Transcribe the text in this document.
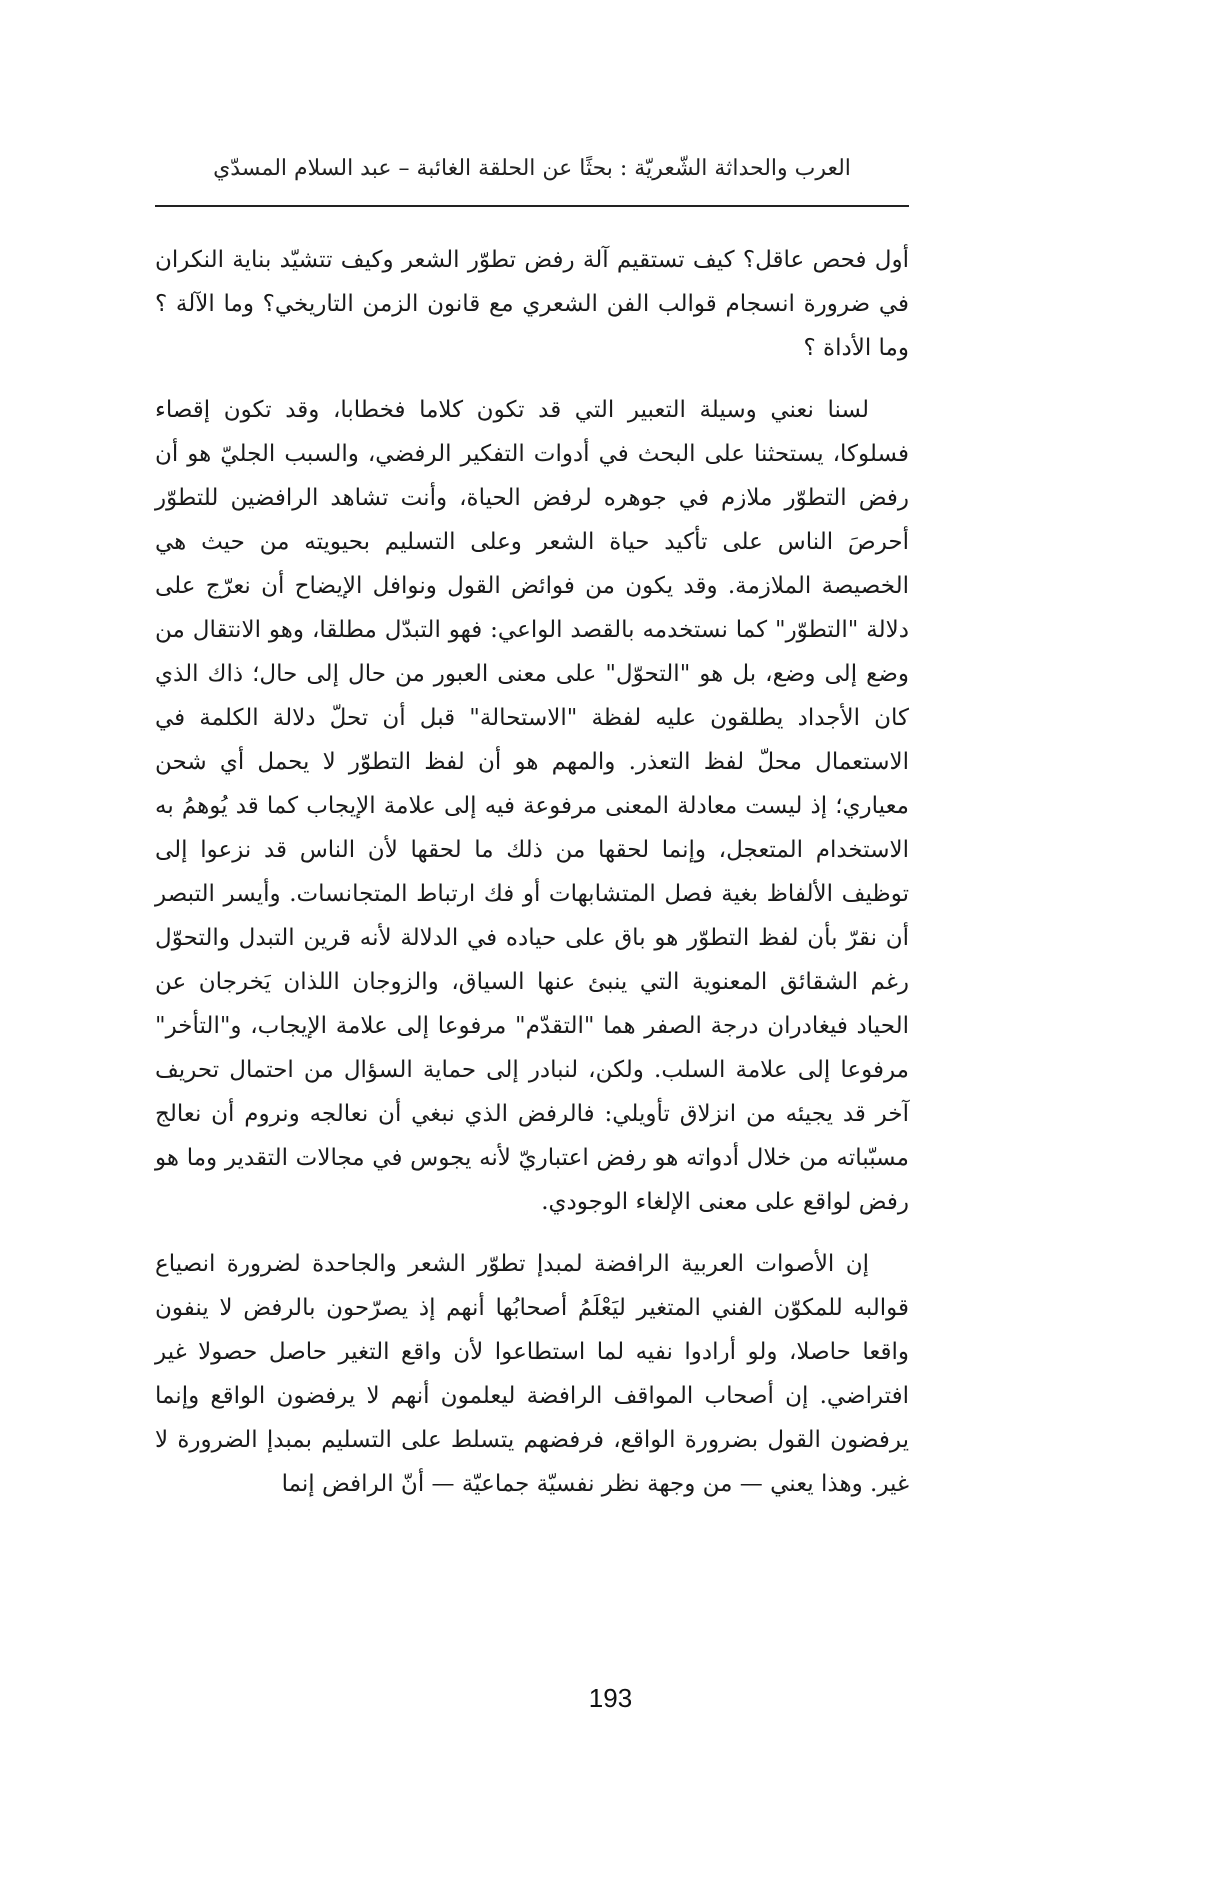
العرب والحداثة الشّعريّة : بحثًا عن الحلقة الغائبة – عبد السلام المسدّي

أول فحص عاقل؟ كيف تستقيم آلة رفض تطوّر الشعر وكيف تتشيّد بناية النكران في ضرورة انسجام قوالب الفن الشعري مع قانون الزمن التاريخي؟ وما الآلة ؟ وما الأداة ؟

لسنا نعني وسيلة التعبير التي قد تكون كلاما فخطابا، وقد تكون إقصاء فسلوكا، يستحثنا على البحث في أدوات التفكير الرفضي، والسبب الجليّ هو أن رفض التطوّر ملازم في جوهره لرفض الحياة، وأنت تشاهد الرافضين للتطوّر أحرصَ الناس على تأكيد حياة الشعر وعلى التسليم بحيويته من حيث هي الخصيصة الملازمة. وقد يكون من فوائض القول ونوافل الإيضاح أن نعرّج على دلالة "التطوّر" كما نستخدمه بالقصد الواعي: فهو التبدّل مطلقا، وهو الانتقال من وضع إلى وضع، بل هو "التحوّل" على معنى العبور من حال إلى حال؛ ذاك الذي كان الأجداد يطلقون عليه لفظة "الاستحالة" قبل أن تحلّ دلالة الكلمة في الاستعمال محلّ لفظ التعذر. والمهم هو أن لفظ التطوّر لا يحمل أي شحن معياري؛ إذ ليست معادلة المعنى مرفوعة فيه إلى علامة الإيجاب كما قد يُوهمُ به الاستخدام المتعجل، وإنما لحقها من ذلك ما لحقها لأن الناس قد نزعوا إلى توظيف الألفاظ بغية فصل المتشابهات أو فك ارتباط المتجانسات. وأيسر التبصر أن نقرّ بأن لفظ التطوّر هو باق على حياده في الدلالة لأنه قرين التبدل والتحوّل رغم الشقائق المعنوية التي ينبئ عنها السياق، والزوجان اللذان يَخرجان عن الحياد فيغادران درجة الصفر هما "التقدّم" مرفوعا إلى علامة الإيجاب، و"التأخر" مرفوعا إلى علامة السلب. ولكن، لنبادر إلى حماية السؤال من احتمال تحريف آخر قد يجيئه من انزلاق تأويلي: فالرفض الذي نبغي أن نعالجه ونروم أن نعالج مسبّباته من خلال أدواته هو رفض اعتباريّ لأنه يجوس في مجالات التقدير وما هو رفض لواقع على معنى الإلغاء الوجودي.

إن الأصوات العربية الرافضة لمبدإ تطوّر الشعر والجاحدة لضرورة انصياع قوالبه للمكوّن الفني المتغير ليَعْلَمُ أصحابُها أنهم إذ يصرّحون بالرفض لا ينفون واقعا حاصلا، ولو أرادوا نفيه لما استطاعوا لأن واقع التغير حاصل حصولا غير افتراضي. إن أصحاب المواقف الرافضة ليعلمون أنهم لا يرفضون الواقع وإنما يرفضون القول بضرورة الواقع، فرفضهم يتسلط على التسليم بمبدإ الضرورة لا غير. وهذا يعني — من وجهة نظر نفسيّة جماعيّة — أنّ الرافض إنما

193
